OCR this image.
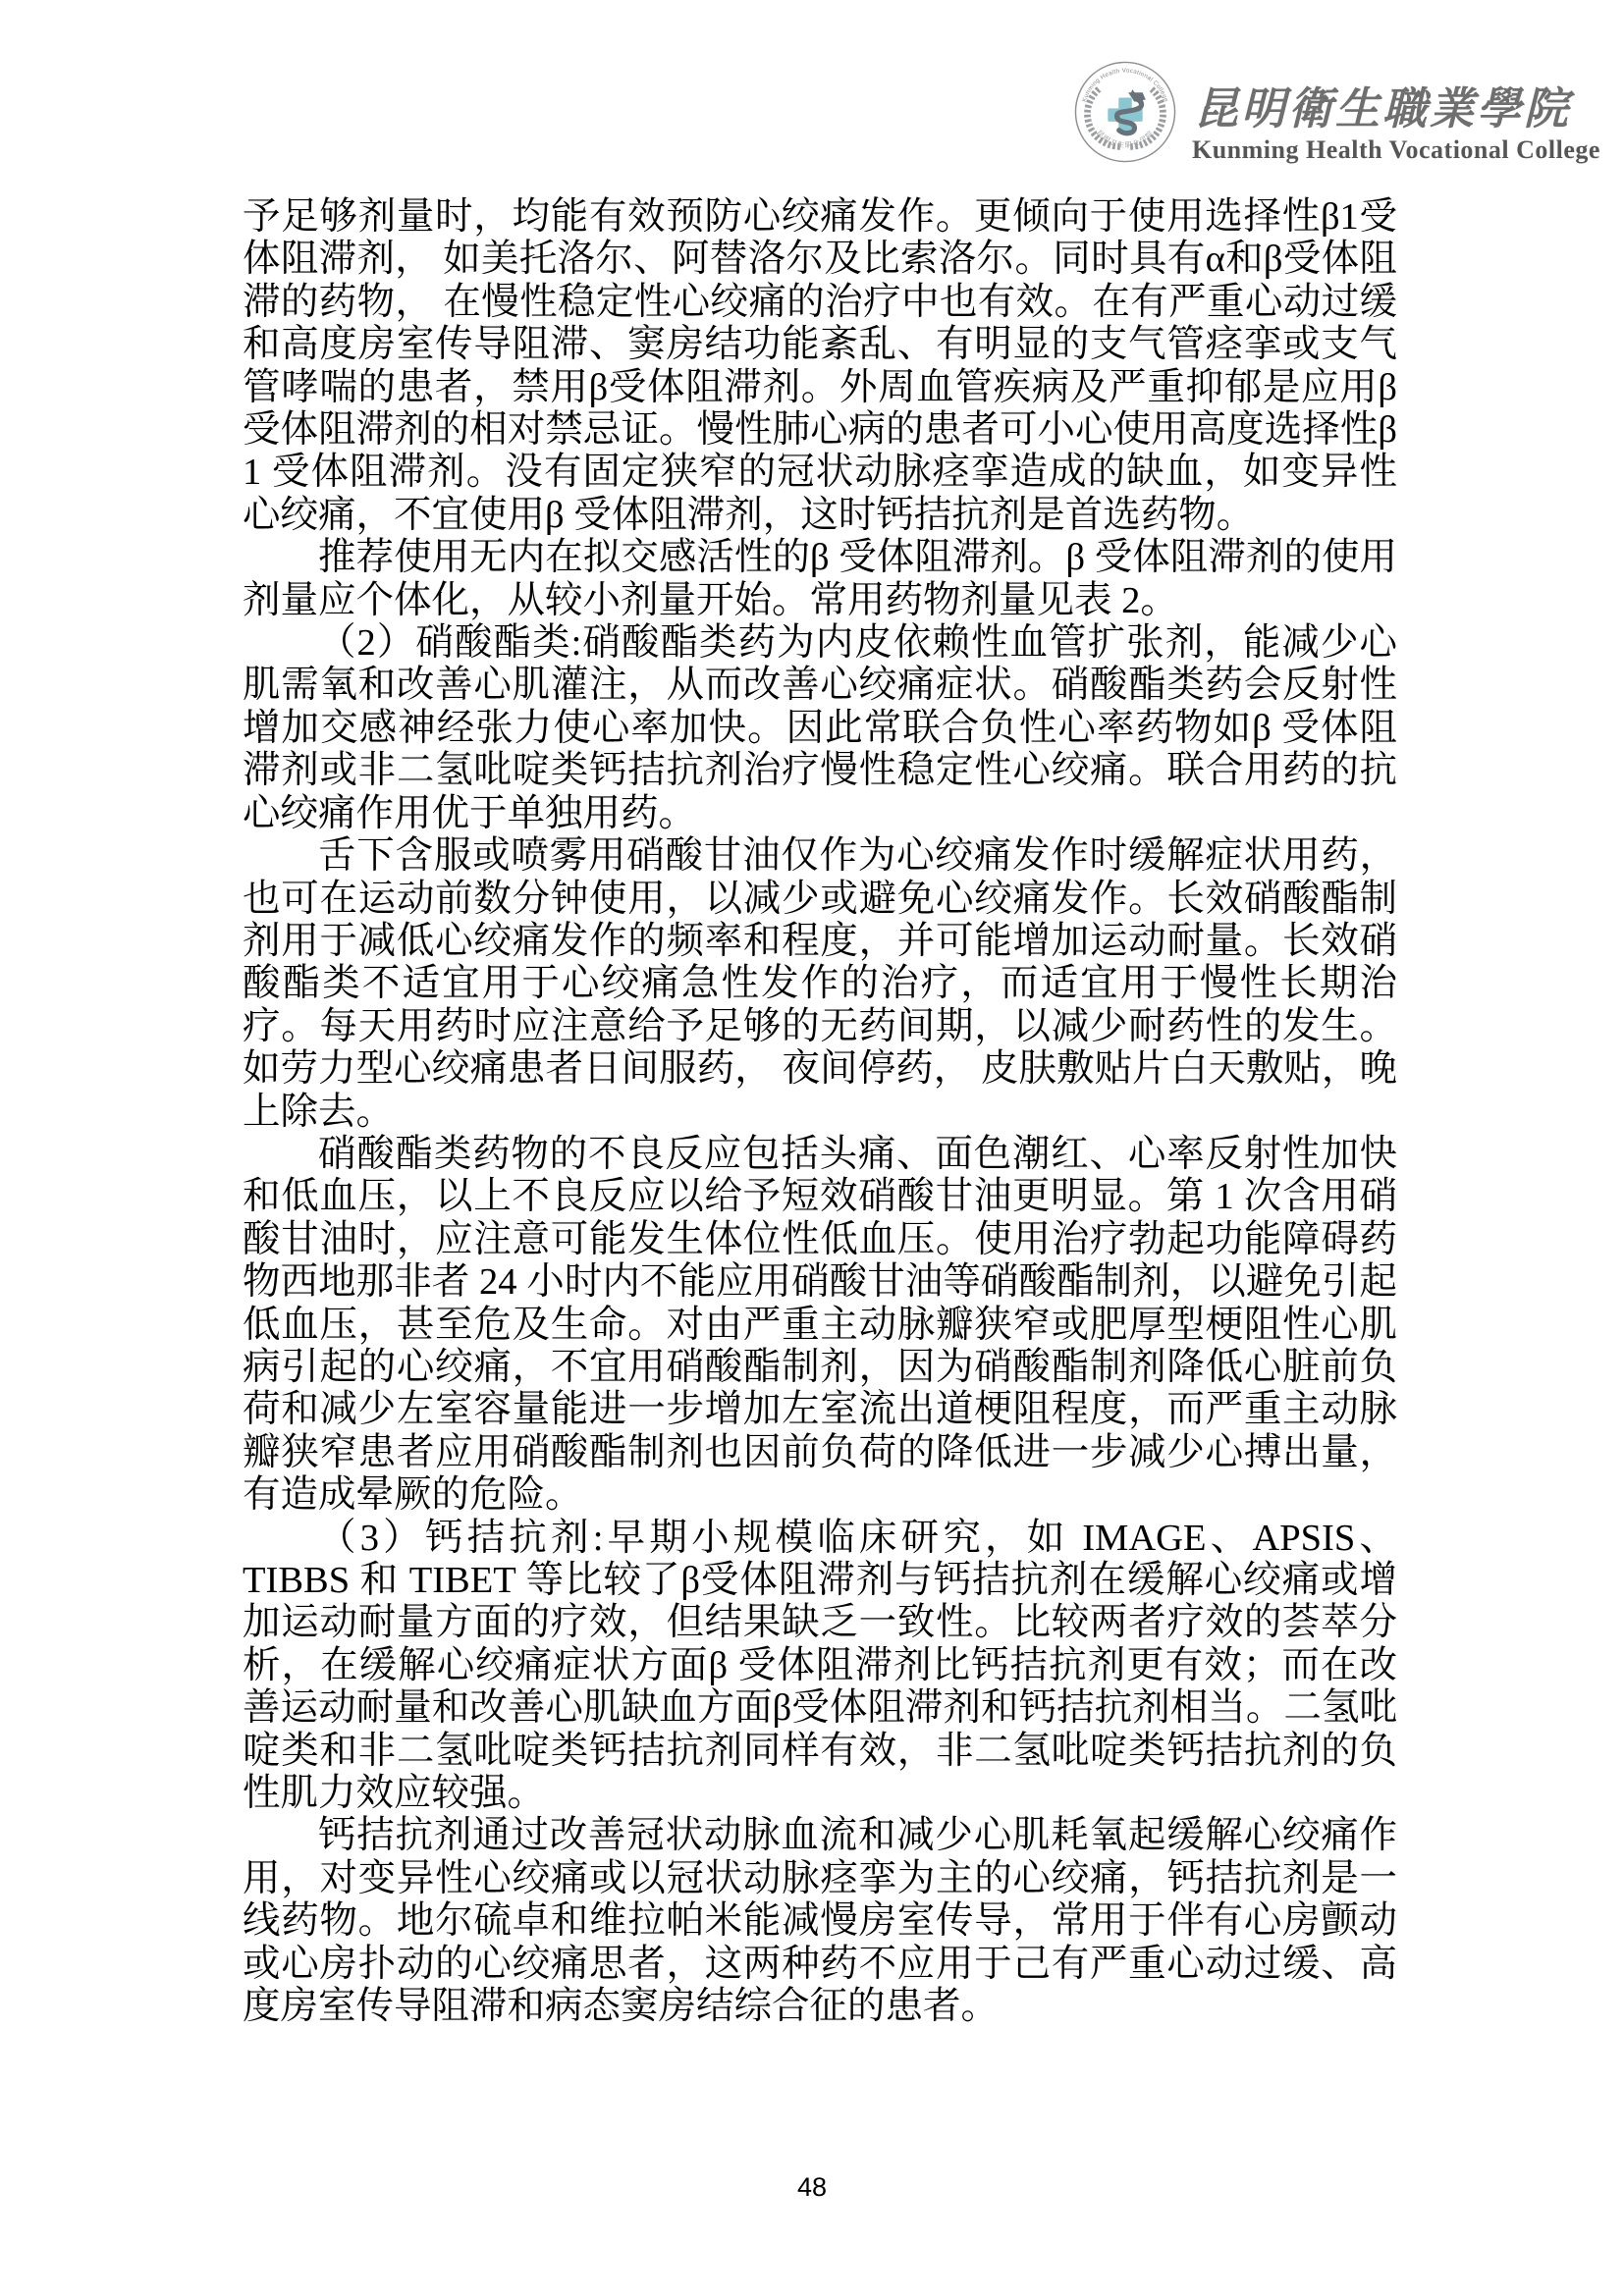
Kunming Health Vocational College
昆明卫生职业学院
昆明衛生職業學院
Kunming Health Vocational College

予足够剂量时，均能有效预防心绞痛发作。更倾向于使用选择性β1受体阻滞剂， 如美托洛尔、阿替洛尔及比索洛尔。同时具有α和β受体阻滞的药物， 在慢性稳定性心绞痛的治疗中也有效。在有严重心动过缓和高度房室传导阻滞、窦房结功能紊乱、有明显的支气管痉挛或支气管哮喘的患者，禁用β受体阻滞剂。外周血管疾病及严重抑郁是应用β受体阻滞剂的相对禁忌证。慢性肺心病的患者可小心使用高度选择性β 1 受体阻滞剂。没有固定狭窄的冠状动脉痉挛造成的缺血，如变异性心绞痛，不宜使用β 受体阻滞剂，这时钙拮抗剂是首选药物。

推荐使用无内在拟交感活性的β 受体阻滞剂。β 受体阻滞剂的使用剂量应个体化，从较小剂量开始。常用药物剂量见表 2。

（2）硝酸酯类:硝酸酯类药为内皮依赖性血管扩张剂，能减少心肌需氧和改善心肌灌注，从而改善心绞痛症状。硝酸酯类药会反射性增加交感神经张力使心率加快。因此常联合负性心率药物如β 受体阻滞剂或非二氢吡啶类钙拮抗剂治疗慢性稳定性心绞痛。联合用药的抗心绞痛作用优于单独用药。

舌下含服或喷雾用硝酸甘油仅作为心绞痛发作时缓解症状用药，也可在运动前数分钟使用，以减少或避免心绞痛发作。长效硝酸酯制剂用于减低心绞痛发作的频率和程度，并可能增加运动耐量。长效硝酸酯类不适宜用于心绞痛急性发作的治疗，而适宜用于慢性长期治疗。每天用药时应注意给予足够的无药间期，以减少耐药性的发生。如劳力型心绞痛患者日间服药， 夜间停药， 皮肤敷贴片白天敷贴，晚上除去。

硝酸酯类药物的不良反应包括头痛、面色潮红、心率反射性加快和低血压，以上不良反应以给予短效硝酸甘油更明显。第 1 次含用硝酸甘油时，应注意可能发生体位性低血压。使用治疗勃起功能障碍药物西地那非者 24 小时内不能应用硝酸甘油等硝酸酯制剂，以避免引起低血压，甚至危及生命。对由严重主动脉瓣狭窄或肥厚型梗阻性心肌病引起的心绞痛，不宜用硝酸酯制剂，因为硝酸酯制剂降低心脏前负荷和减少左室容量能进一步增加左室流出道梗阻程度，而严重主动脉瓣狭窄患者应用硝酸酯制剂也因前负荷的降低进一步减少心搏出量， 有造成晕厥的危险。

（3）钙拮抗剂:早期小规模临床研究，如 IMAGE、APSIS、TIBBS 和 TIBET 等比较了β受体阻滞剂与钙拮抗剂在缓解心绞痛或增加运动耐量方面的疗效，但结果缺乏一致性。比较两者疗效的荟萃分析，在缓解心绞痛症状方面β 受体阻滞剂比钙拮抗剂更有效；而在改善运动耐量和改善心肌缺血方面β受体阻滞剂和钙拮抗剂相当。二氢吡啶类和非二氢吡啶类钙拮抗剂同样有效，非二氢吡啶类钙拮抗剂的负性肌力效应较强。

钙拮抗剂通过改善冠状动脉血流和减少心肌耗氧起缓解心绞痛作用，对变异性心绞痛或以冠状动脉痉挛为主的心绞痛，钙拮抗剂是一线药物。地尔硫卓和维拉帕米能减慢房室传导，常用于伴有心房颤动或心房扑动的心绞痛思者，这两种药不应用于己有严重心动过缓、高度房室传导阻滞和病态窦房结综合征的患者。

48
